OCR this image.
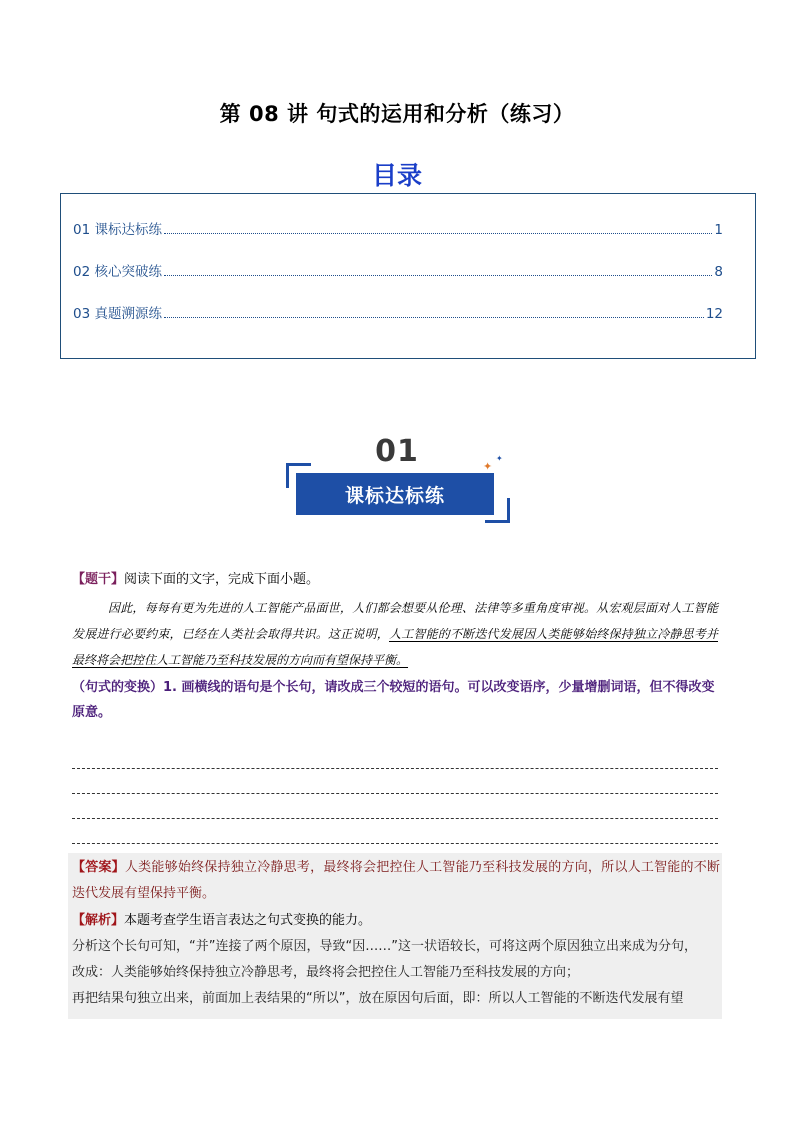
第 08 讲 句式的运用和分析（练习）
目录
01 课标达标练	1
02 核心突破练	8
03 真题溯源练	12
01
课标达标练
✦
✦
【题干】阅读下面的文字，完成下面小题。
因此，每每有更为先进的人工智能产品面世，人们都会想要从伦理、法律等多重角度审视。从宏观层面对人工智能发展进行必要约束，已经在人类社会取得共识。这正说明，人工智能的不断迭代发展因人类能够始终保持独立冷静思考并最终将会把控住人工智能乃至科技发展的方向而有望保持平衡。
（句式的变换）1. 画横线的语句是个长句，请改成三个较短的语句。可以改变语序，少量增删词语，但不得改变原意。
【答案】人类能够始终保持独立冷静思考，最终将会把控住人工智能乃至科技发展的方向，所以人工智能的不断迭代发展有望保持平衡。
【解析】本题考查学生语言表达之句式变换的能力。
分析这个长句可知，“并”连接了两个原因，导致“因……”这一状语较长，可将这两个原因独立出来成为分句，
改成：人类能够始终保持独立冷静思考，最终将会把控住人工智能乃至科技发展的方向；
再把结果句独立出来，前面加上表结果的“所以”，放在原因句后面，即：所以人工智能的不断迭代发展有望
